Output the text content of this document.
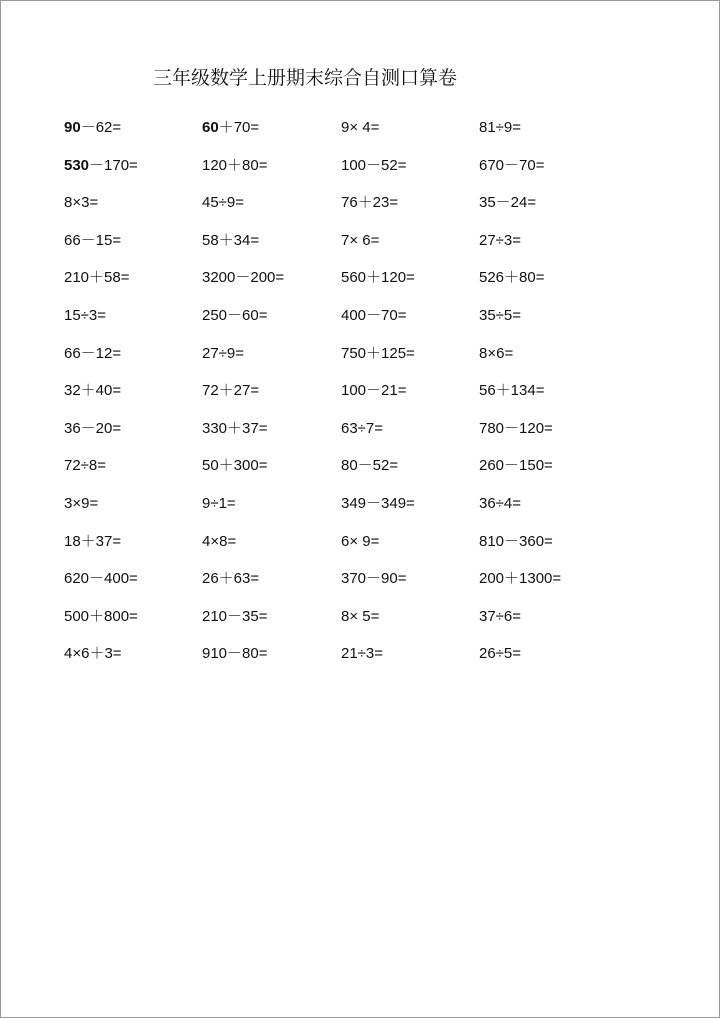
三年级数学上册期末综合自测口算卷
90－62=	60＋70=	9× 4=	81÷9=
530－170=	120＋80=	100－52=	670－70=
8×3=	45÷9=	76＋23=	35－24=
66－15=	58＋34=	7× 6=	27÷3=
210＋58=	3200－200=	560＋120=	526＋80=
15÷3=	250－60=	400－70=	35÷5=
66－12=	27÷9=	750＋125=	8×6=
32＋40=	72＋27=	100－21=	56＋134=
36－20=	330＋37=	63÷7=	780－120=
72÷8=	50＋300=	80－52=	260－150=
3×9=	9÷1=	349－349=	36÷4=
18＋37=	4×8=	6× 9=	810－360=
620－400=	26＋63=	370－90=	200＋1300=
500＋800=	210－35=	8× 5=	37÷6=
4×6＋3=	910－80=	21÷3=	26÷5=
